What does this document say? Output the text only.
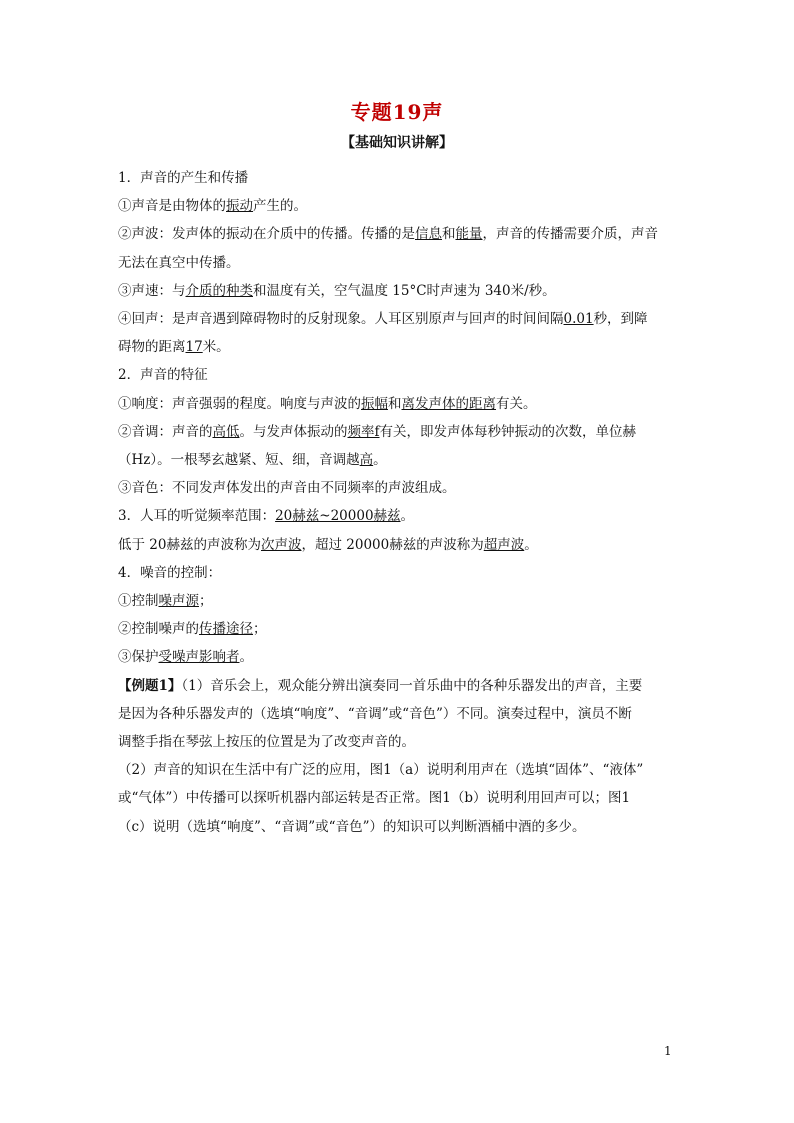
专题19声
【基础知识讲解】
1．声音的产生和传播
①声音是由物体的振动产生的。
②声波：发声体的振动在介质中的传播。传播的是信息和能量，声音的传播需要介质，声音
无法在真空中传播。
③声速：与介质的种类和温度有关，空气温度 15°C时声速为 340米/秒。
④回声：是声音遇到障碍物时的反射现象。人耳区别原声与回声的时间间隔0.01秒，到障
碍物的距离17米。
2．声音的特征
①响度：声音强弱的程度。响度与声波的振幅和离发声体的距离有关。
②音调：声音的高低。与发声体振动的频率f有关，即发声体每秒钟振动的次数，单位赫
（Hz）。一根琴玄越紧、短、细，音调越高。
③音色：不同发声体发出的声音由不同频率的声波组成。
3．人耳的听觉频率范围：20赫兹~20000赫兹。
低于 20赫兹的声波称为次声波，超过 20000赫兹的声波称为超声波。
4．噪音的控制：
①控制噪声源；
②控制噪声的传播途径；
③保护受噪声影响者。
【例题1】（1）音乐会上，观众能分辨出演奏同一首乐曲中的各种乐器发出的声音，主要
是因为各种乐器发声的（选填“响度”、“音调”或“音色”）不同。演奏过程中，演员不断
调整手指在琴弦上按压的位置是为了改变声音的。
（2）声音的知识在生活中有广泛的应用，图1（a）说明利用声在（选填“固体”、“液体”
或“气体”）中传播可以探听机器内部运转是否正常。图1（b）说明利用回声可以；图1
（c）说明（选填“响度”、“音调”或“音色”）的知识可以判断酒桶中酒的多少。
1
